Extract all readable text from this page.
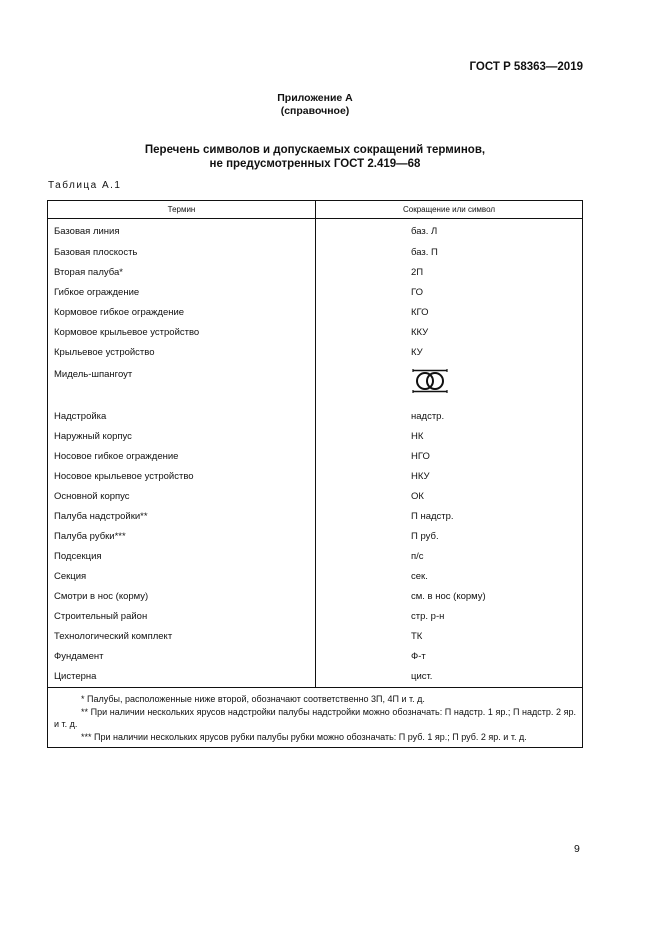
ГОСТ Р 58363—2019
Приложение А
(справочное)
Перечень символов и допускаемых сокращений терминов,
не предусмотренных ГОСТ 2.419—68
Таблица А.1
Термин	Сокращение или символ
Базовая линия	баз. Л
Базовая плоскость	баз. П
Вторая палуба*	2П
Гибкое ограждение	ГО
Кормовое гибкое ограждение	КГО
Кормовое крыльевое устройство	ККУ
Крыльевое устройство	КУ
Мидель-шпангоут	

Надстройка	надстр.
Наружный корпус	НК
Носовое гибкое ограждение	НГО
Носовое крыльевое устройство	НКУ
Основной корпус	ОК
Палуба надстройки**	П надстр.
Палуба рубки***	П руб.
Подсекция	п/с
Секция	сек.
Смотри в нос (корму)	см. в нос (корму)
Строительный район	стр. р-н
Технологический комплект	ТК
Фундамент	Ф-т
Цистерна	цист.

* Палубы, расположенные ниже второй, обозначают соответственно 3П, 4П и т. д.

** При наличии нескольких ярусов надстройки палубы надстройки можно обозначать: П надстр. 1 яр.; П надстр. 2 яр. и т. д.

*** При наличии нескольких ярусов рубки палубы рубки можно обозначать: П руб. 1 яр.; П руб. 2 яр. и т. д.	

9
